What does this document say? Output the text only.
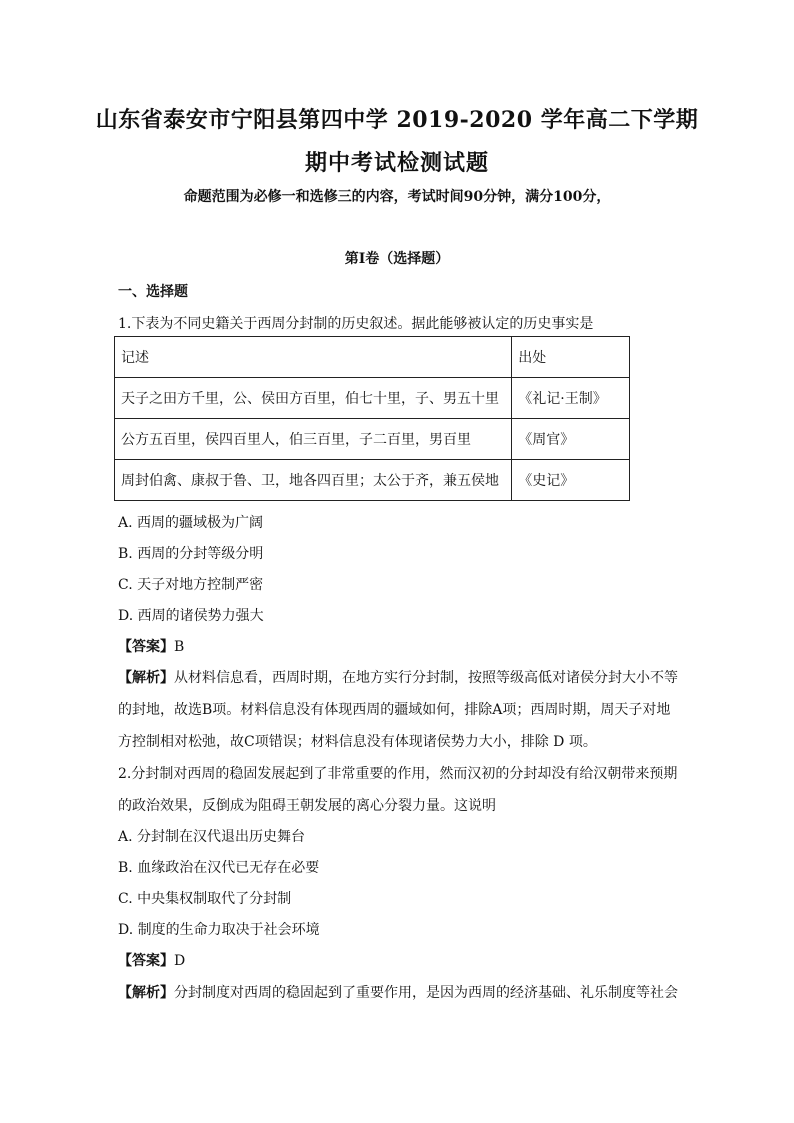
山东省泰安市宁阳县第四中学 2019-2020 学年高二下学期
期中考试检测试题
命题范围为必修一和选修三的内容，考试时间90分钟，满分100分，
第Ⅰ卷（选择题）
一、选择题
1.下表为不同史籍关于西周分封制的历史叙述。据此能够被认定的历史事实是
记述	出处
天子之田方千里，公、侯田方百里，伯七十里，子、男五十里	《礼记·王制》
公方五百里，侯四百里人，伯三百里，子二百里，男百里	《周官》
周封伯禽、康叔于鲁、卫，地各四百里；太公于齐，兼五侯地	《史记》
A. 西周的疆域极为广阔
B. 西周的分封等级分明
C. 天子对地方控制严密
D. 西周的诸侯势力强大
【答案】B
【解析】从材料信息看，西周时期，在地方实行分封制，按照等级高低对诸侯分封大小不等
的封地，故选B项。材料信息没有体现西周的疆域如何，排除A项；西周时期，周天子对地
方控制相对松弛，故C项错误；材料信息没有体现诸侯势力大小，排除 D 项。
2.分封制对西周的稳固发展起到了非常重要的作用，然而汉初的分封却没有给汉朝带来预期
的政治效果，反倒成为阻碍王朝发展的离心分裂力量。这说明
A. 分封制在汉代退出历史舞台
B. 血缘政治在汉代已无存在必要
C. 中央集权制取代了分封制
D. 制度的生命力取决于社会环境
【答案】D
【解析】分封制度对西周的稳固起到了重要作用，是因为西周的经济基础、礼乐制度等社会
